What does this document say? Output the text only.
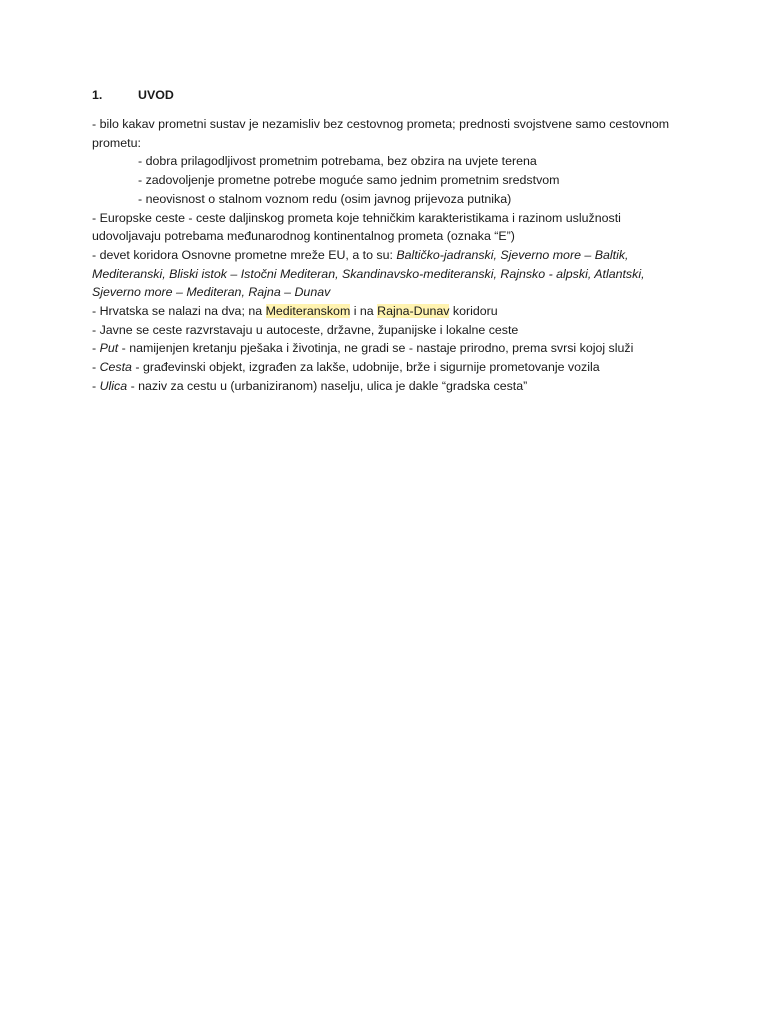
1.	UVOD

- bilo kakav prometni sustav je nezamisliv bez cestovnog prometa; prednosti svojstvene samo cestovnom prometu:

- dobra prilagodljivost prometnim potrebama, bez obzira na uvjete terena

- zadovoljenje prometne potrebe moguće samo jednim prometnim sredstvom

- neovisnost o stalnom voznom redu (osim javnog prijevoza putnika)

- Europske ceste - ceste daljinskog prometa koje tehničkim karakteristikama i razinom uslužnosti udovoljavaju potrebama međunarodnog kontinentalnog prometa (oznaka “E”)

- devet koridora Osnovne prometne mreže EU, a to su: Baltičko-jadranski, Sjeverno more – Baltik, Mediteranski, Bliski istok – Istočni Mediteran, Skandinavsko-mediteranski, Rajnsko - alpski, Atlantski, Sjeverno more – Mediteran, Rajna – Dunav

- Hrvatska se nalazi na dva; na Mediteranskom i na Rajna-Dunav koridoru

- Javne se ceste razvrstavaju u autoceste, državne, županijske i lokalne ceste

- Put - namijenjen kretanju pješaka i životinja, ne gradi se - nastaje prirodno, prema svrsi kojoj služi

- Cesta - građevinski objekt, izgrađen za lakše, udobnije, brže i sigurnije prometovanje vozila

- Ulica - naziv za cestu u (urbaniziranom) naselju, ulica je dakle “gradska cesta”
